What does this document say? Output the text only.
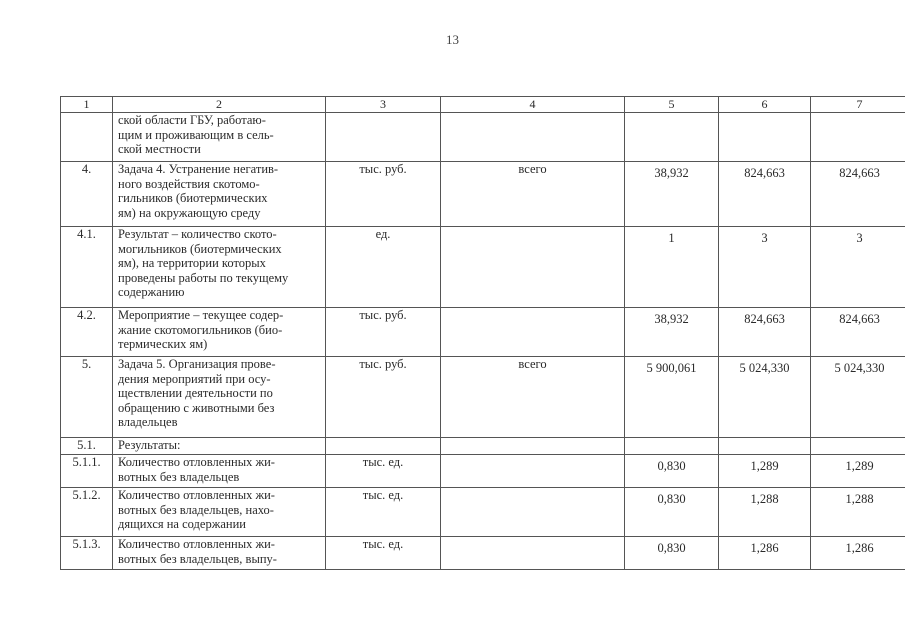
13
1	2	3	4	5	6	7

	ской области ГБУ, работаю-
щим и проживающим в сель-
ской местности					

4.	Задача 4. Устранение негатив-
ного воздействия скотомо-
гильников (биотермических
ям) на окружающую среду	тыс. руб.	всего	38,932	824,663	824,663
4.1.	Результат – количество ското-
могильников (биотермических
ям), на территории которых
проведены работы по текущему
содержанию	ед.		1	3	3
4.2.	Мероприятие – текущее содер-
жание скотомогильников (био-
термических ям)	тыс. руб.		38,932	824,663	824,663
5.	Задача 5. Организация прове-
дения мероприятий при осу-
ществлении деятельности по
обращению с животными без
владельцев	тыс. руб.	всего	5 900,061	5 024,330	5 024,330
5.1.	Результаты:					

5.1.1.	Количество отловленных жи-
вотных без владельцев	тыс. ед.		0,830	1,289	1,289
5.1.2.	Количество отловленных жи-
вотных без владельцев, нахо-
дящихся на содержании	тыс. ед.		0,830	1,288	1,288
5.1.3.	Количество отловленных жи-
вотных без владельцев, выпу-	тыс. ед.		0,830	1,286	1,286
